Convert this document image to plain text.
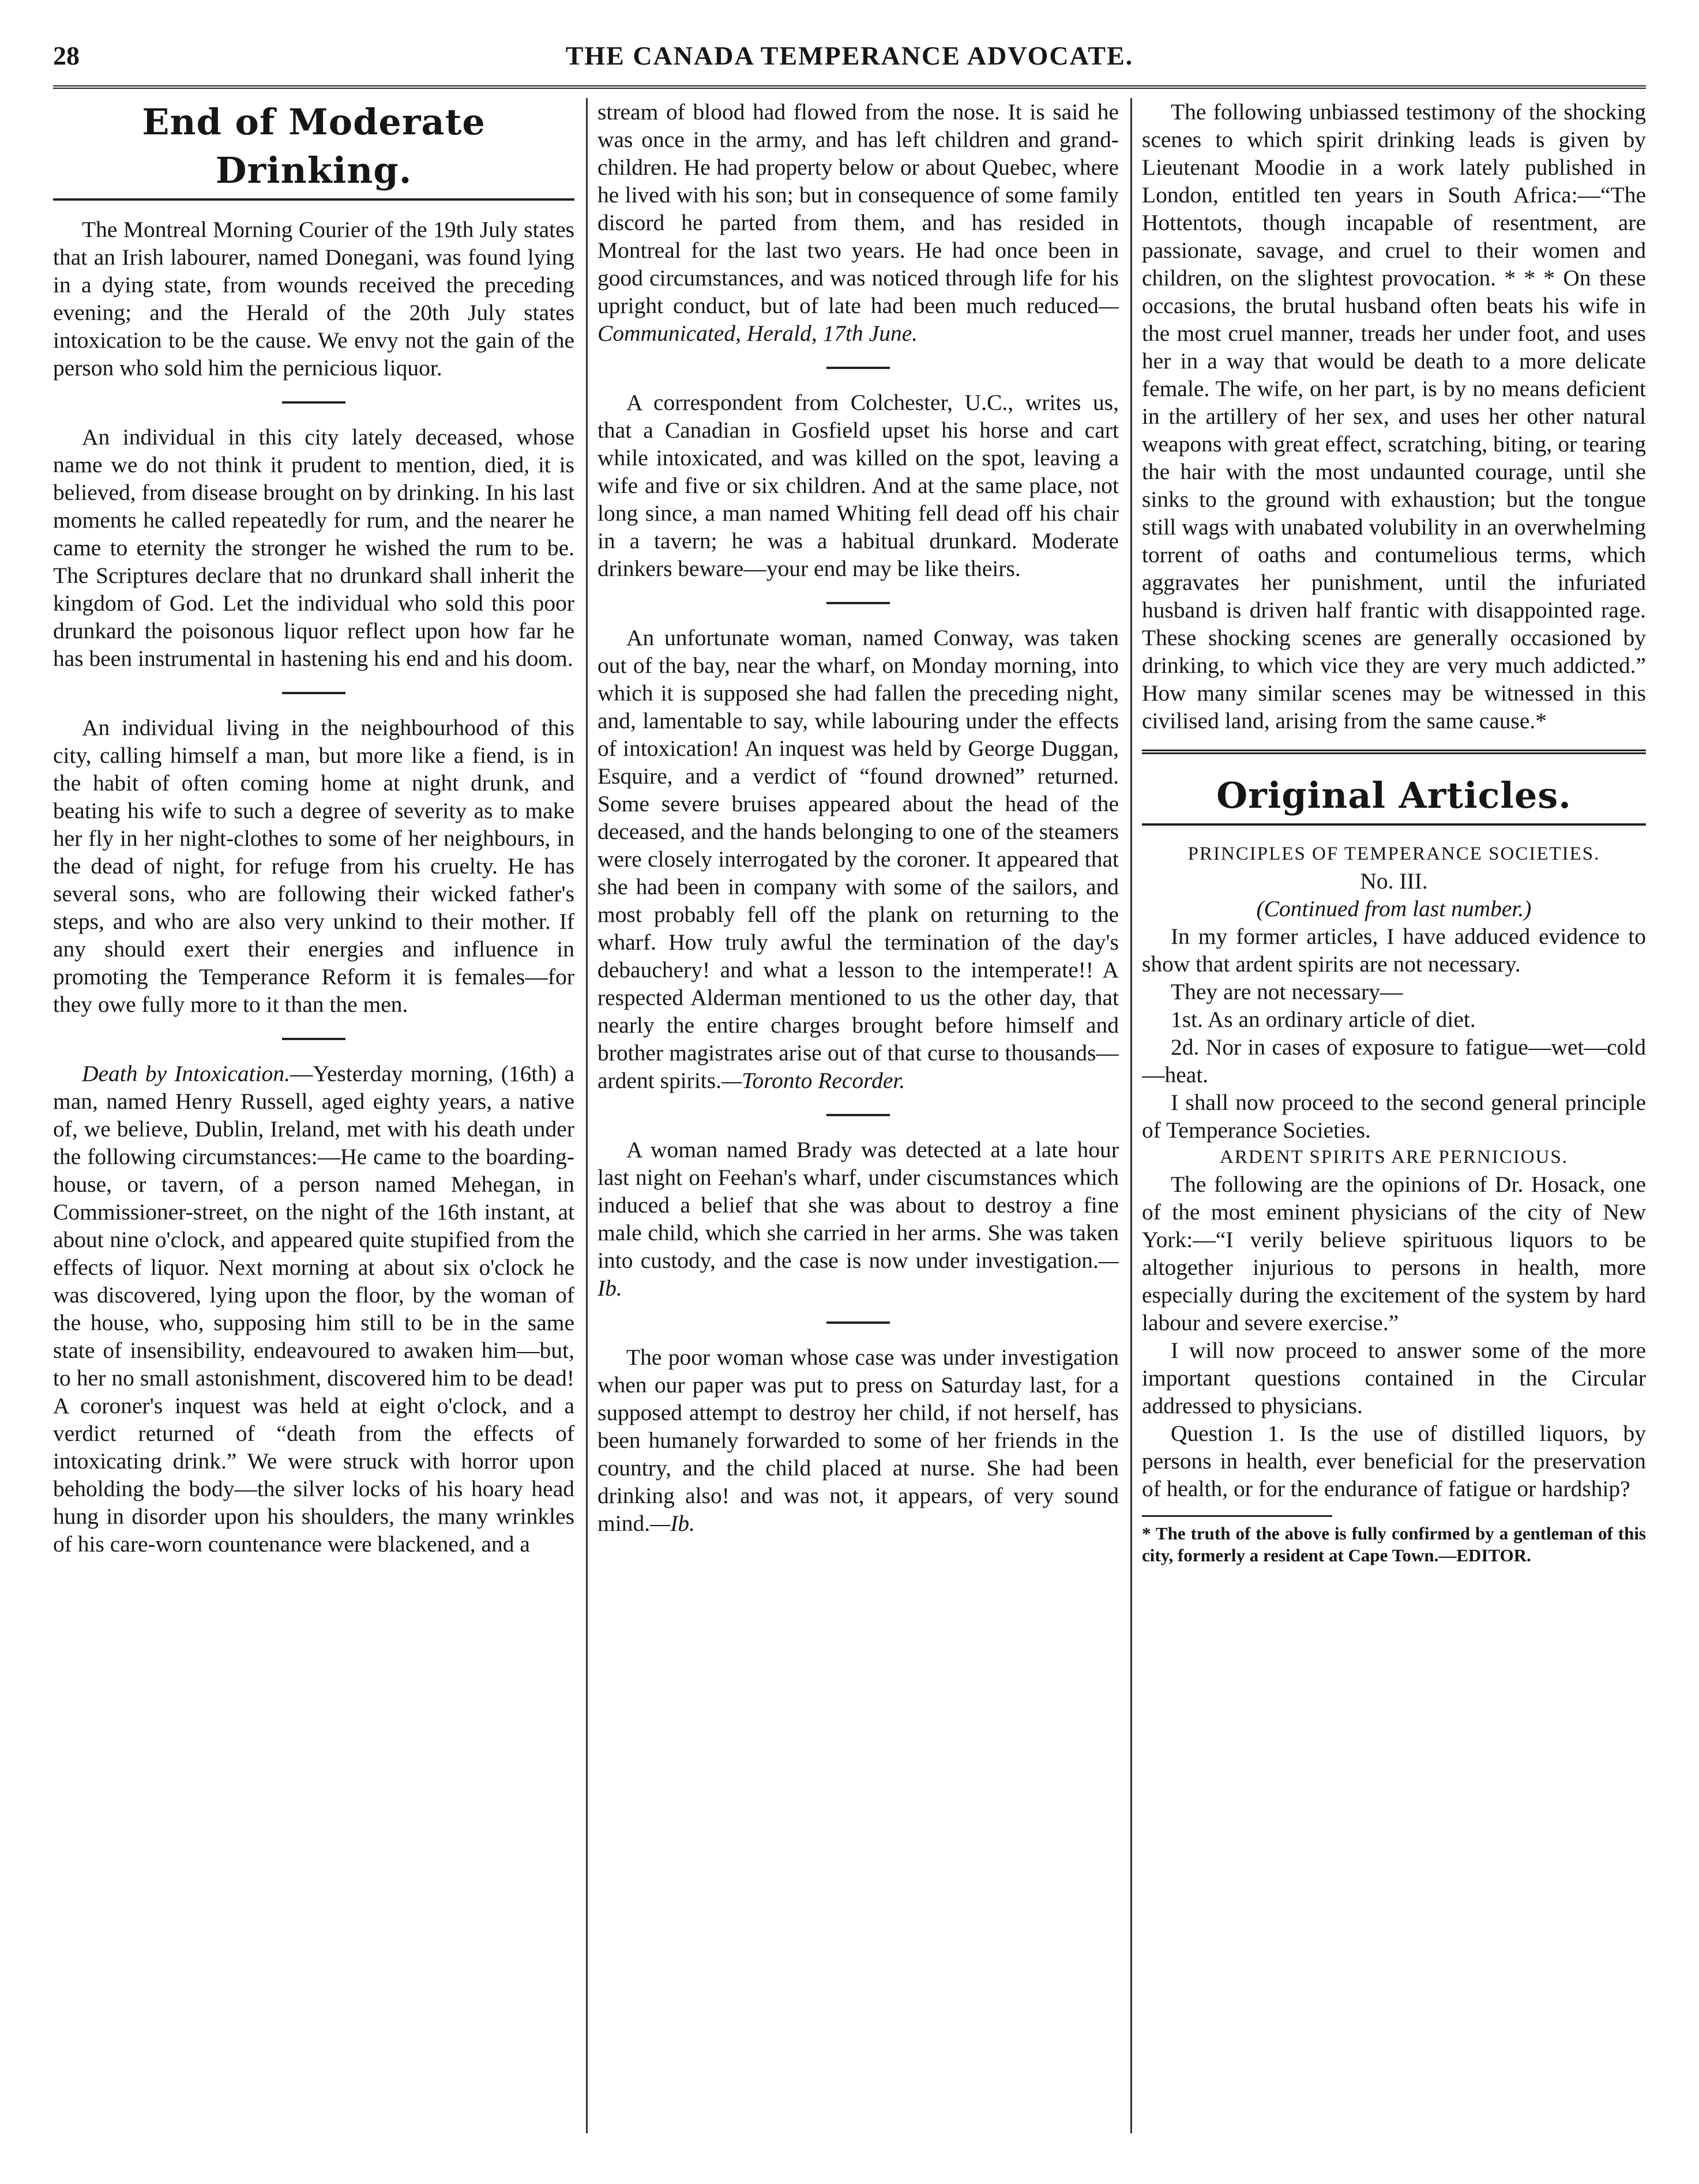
28	THE CANADA TEMPERANCE ADVOCATE.
End of Moderate Drinking.

The Montreal Morning Courier of the 19th July states that an Irish labourer, named Donegani, was found lying in a dying state, from wounds received the preceding evening; and the Herald of the 20th July states intoxication to be the cause. We envy not the gain of the person who sold him the pernicious liquor.

An individual in this city lately deceased, whose name we do not think it prudent to mention, died, it is believed, from disease brought on by drinking. In his last moments he called repeatedly for rum, and the nearer he came to eternity the stronger he wished the rum to be. The Scriptures declare that no drunkard shall inherit the kingdom of God. Let the individual who sold this poor drunkard the poisonous liquor reflect upon how far he has been instrumental in hastening his end and his doom.

An individual living in the neighbourhood of this city, calling himself a man, but more like a fiend, is in the habit of often coming home at night drunk, and beating his wife to such a degree of severity as to make her fly in her night-clothes to some of her neighbours, in the dead of night, for refuge from his cruelty. He has several sons, who are following their wicked father's steps, and who are also very unkind to their mother. If any should exert their energies and influence in promoting the Temperance Reform it is females—for they owe fully more to it than the men.

Death by Intoxication.—Yesterday morning, (16th) a man, named Henry Russell, aged eighty years, a native of, we believe, Dublin, Ireland, met with his death under the following circumstances:—He came to the boarding-house, or tavern, of a person named Mehegan, in Commissioner-street, on the night of the 16th instant, at about nine o'clock, and appeared quite stupified from the effects of liquor. Next morning at about six o'clock he was discovered, lying upon the floor, by the woman of the house, who, supposing him still to be in the same state of insensibility, endeavoured to awaken him—but, to her no small astonishment, discovered him to be dead! A coroner's inquest was held at eight o'clock, and a verdict returned of “death from the effects of intoxicating drink.” We were struck with horror upon beholding the body—the silver locks of his hoary head hung in disorder upon his shoulders, the many wrinkles of his care-worn countenance were blackened, and a

stream of blood had flowed from the nose. It is said he was once in the army, and has left children and grand-children. He had property below or about Quebec, where he lived with his son; but in consequence of some family discord he parted from them, and has resided in Montreal for the last two years. He had once been in good circumstances, and was noticed through life for his upright conduct, but of late had been much reduced—Communicated, Herald, 17th June.

A correspondent from Colchester, U.C., writes us, that a Canadian in Gosfield upset his horse and cart while intoxicated, and was killed on the spot, leaving a wife and five or six children. And at the same place, not long since, a man named Whiting fell dead off his chair in a tavern; he was a habitual drunkard. Moderate drinkers beware—your end may be like theirs.

An unfortunate woman, named Conway, was taken out of the bay, near the wharf, on Monday morning, into which it is supposed she had fallen the preceding night, and, lamentable to say, while labouring under the effects of intoxication! An inquest was held by George Duggan, Esquire, and a verdict of “found drowned” returned. Some severe bruises appeared about the head of the deceased, and the hands belonging to one of the steamers were closely interrogated by the coroner. It appeared that she had been in company with some of the sailors, and most probably fell off the plank on returning to the wharf. How truly awful the termination of the day's debauchery! and what a lesson to the intemperate!! A respected Alderman mentioned to us the other day, that nearly the entire charges brought before himself and brother magistrates arise out of that curse to thousands—ardent spirits.—Toronto Recorder.

A woman named Brady was detected at a late hour last night on Feehan's wharf, under ciscumstances which induced a belief that she was about to destroy a fine male child, which she carried in her arms. She was taken into custody, and the case is now under investigation.—Ib.

The poor woman whose case was under investigation when our paper was put to press on Saturday last, for a supposed attempt to destroy her child, if not herself, has been humanely forwarded to some of her friends in the country, and the child placed at nurse. She had been drinking also! and was not, it appears, of very sound mind.—Ib.

The following unbiassed testimony of the shocking scenes to which spirit drinking leads is given by Lieutenant Moodie in a work lately published in London, entitled ten years in South Africa:—“The Hottentots, though incapable of resentment, are passionate, savage, and cruel to their women and children, on the slightest provocation. * * * On these occasions, the brutal husband often beats his wife in the most cruel manner, treads her under foot, and uses her in a way that would be death to a more delicate female. The wife, on her part, is by no means deficient in the artillery of her sex, and uses her other natural weapons with great effect, scratching, biting, or tearing the hair with the most undaunted courage, until she sinks to the ground with exhaustion; but the tongue still wags with unabated volubility in an overwhelming torrent of oaths and contumelious terms, which aggravates her punishment, until the infuriated husband is driven half frantic with disappointed rage. These shocking scenes are generally occasioned by drinking, to which vice they are very much addicted.” How many similar scenes may be witnessed in this civilised land, arising from the same cause.*

Original Articles.
PRINCIPLES OF TEMPERANCE SOCIETIES.

No. III.

(Continued from last number.)

In my former articles, I have adduced evidence to show that ardent spirits are not necessary.

They are not necessary—

1st. As an ordinary article of diet.

2d. Nor in cases of exposure to fatigue—wet—cold—heat.

I shall now proceed to the second general principle of Temperance Societies.

ARDENT SPIRITS ARE PERNICIOUS.

The following are the opinions of Dr. Hosack, one of the most eminent physicians of the city of New York:—“I verily believe spirituous liquors to be altogether injurious to persons in health, more especially during the excitement of the system by hard labour and severe exercise.”

I will now proceed to answer some of the more important questions contained in the Circular addressed to physicians.

Question 1. Is the use of distilled liquors, by persons in health, ever beneficial for the preservation of health, or for the endurance of fatigue or hardship?

* The truth of the above is fully confirmed by a gentleman of this city, formerly a resident at Cape Town.—EDITOR.
